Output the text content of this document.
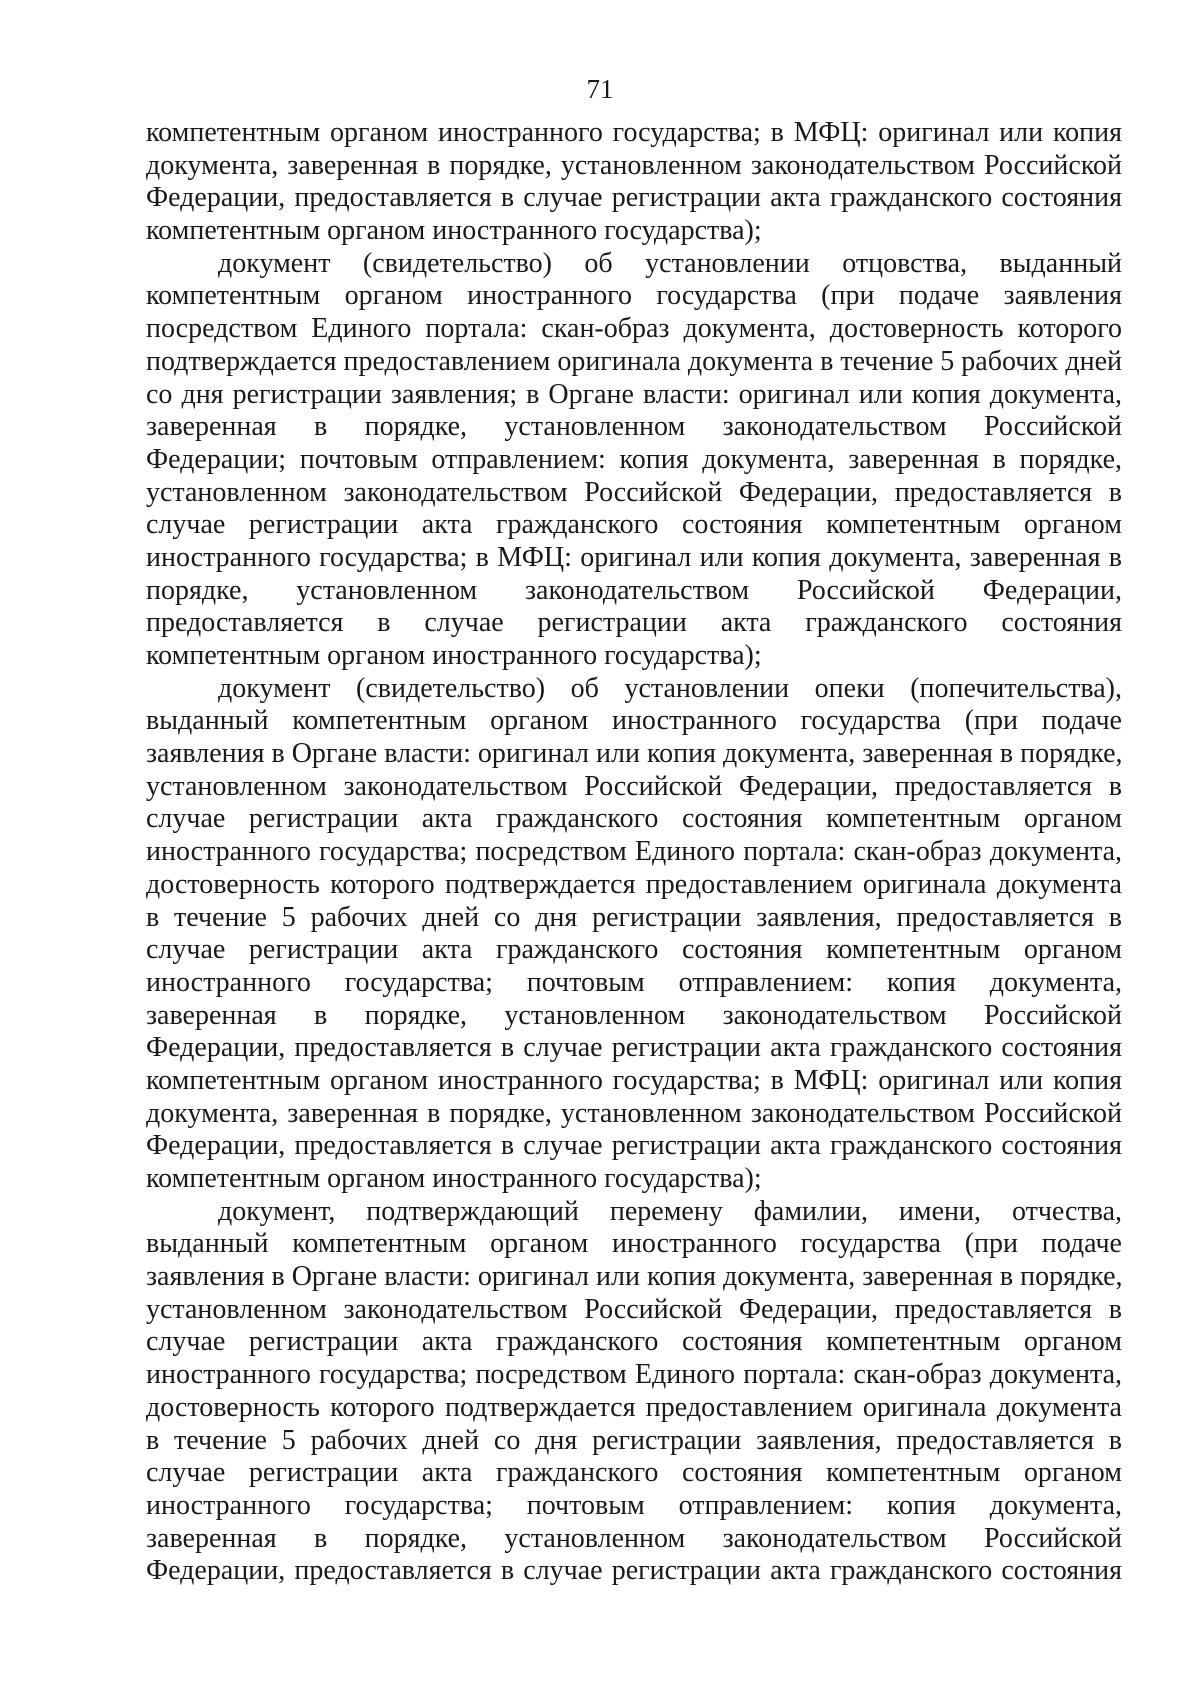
71
компетентным органом иностранного государства; в МФЦ: оригинал или копия
документа, заверенная в порядке, установленном законодательством Российской
Федерации, предоставляется в случае регистрации акта гражданского состояния
компетентным органом иностранного государства);
документ (свидетельство) об установлении отцовства, выданный
компетентным органом иностранного государства (при подаче заявления
посредством Единого портала: скан-образ документа, достоверность которого
подтверждается предоставлением оригинала документа в течение 5 рабочих дней
со дня регистрации заявления; в Органе власти: оригинал или копия документа,
заверенная в порядке, установленном законодательством Российской
Федерации; почтовым отправлением: копия документа, заверенная в порядке,
установленном законодательством Российской Федерации, предоставляется в
случае регистрации акта гражданского состояния компетентным органом
иностранного государства; в МФЦ: оригинал или копия документа, заверенная в
порядке, установленном законодательством Российской Федерации,
предоставляется в случае регистрации акта гражданского состояния
компетентным органом иностранного государства);
документ (свидетельство) об установлении опеки (попечительства),
выданный компетентным органом иностранного государства (при подаче
заявления в Органе власти: оригинал или копия документа, заверенная в порядке,
установленном законодательством Российской Федерации, предоставляется в
случае регистрации акта гражданского состояния компетентным органом
иностранного государства; посредством Единого портала: скан-образ документа,
достоверность которого подтверждается предоставлением оригинала документа
в течение 5 рабочих дней со дня регистрации заявления, предоставляется в
случае регистрации акта гражданского состояния компетентным органом
иностранного государства; почтовым отправлением: копия документа,
заверенная в порядке, установленном законодательством Российской
Федерации, предоставляется в случае регистрации акта гражданского состояния
компетентным органом иностранного государства; в МФЦ: оригинал или копия
документа, заверенная в порядке, установленном законодательством Российской
Федерации, предоставляется в случае регистрации акта гражданского состояния
компетентным органом иностранного государства);
документ, подтверждающий перемену фамилии, имени, отчества,
выданный компетентным органом иностранного государства (при подаче
заявления в Органе власти: оригинал или копия документа, заверенная в порядке,
установленном законодательством Российской Федерации, предоставляется в
случае регистрации акта гражданского состояния компетентным органом
иностранного государства; посредством Единого портала: скан-образ документа,
достоверность которого подтверждается предоставлением оригинала документа
в течение 5 рабочих дней со дня регистрации заявления, предоставляется в
случае регистрации акта гражданского состояния компетентным органом
иностранного государства; почтовым отправлением: копия документа,
заверенная в порядке, установленном законодательством Российской
Федерации, предоставляется в случае регистрации акта гражданского состояния
